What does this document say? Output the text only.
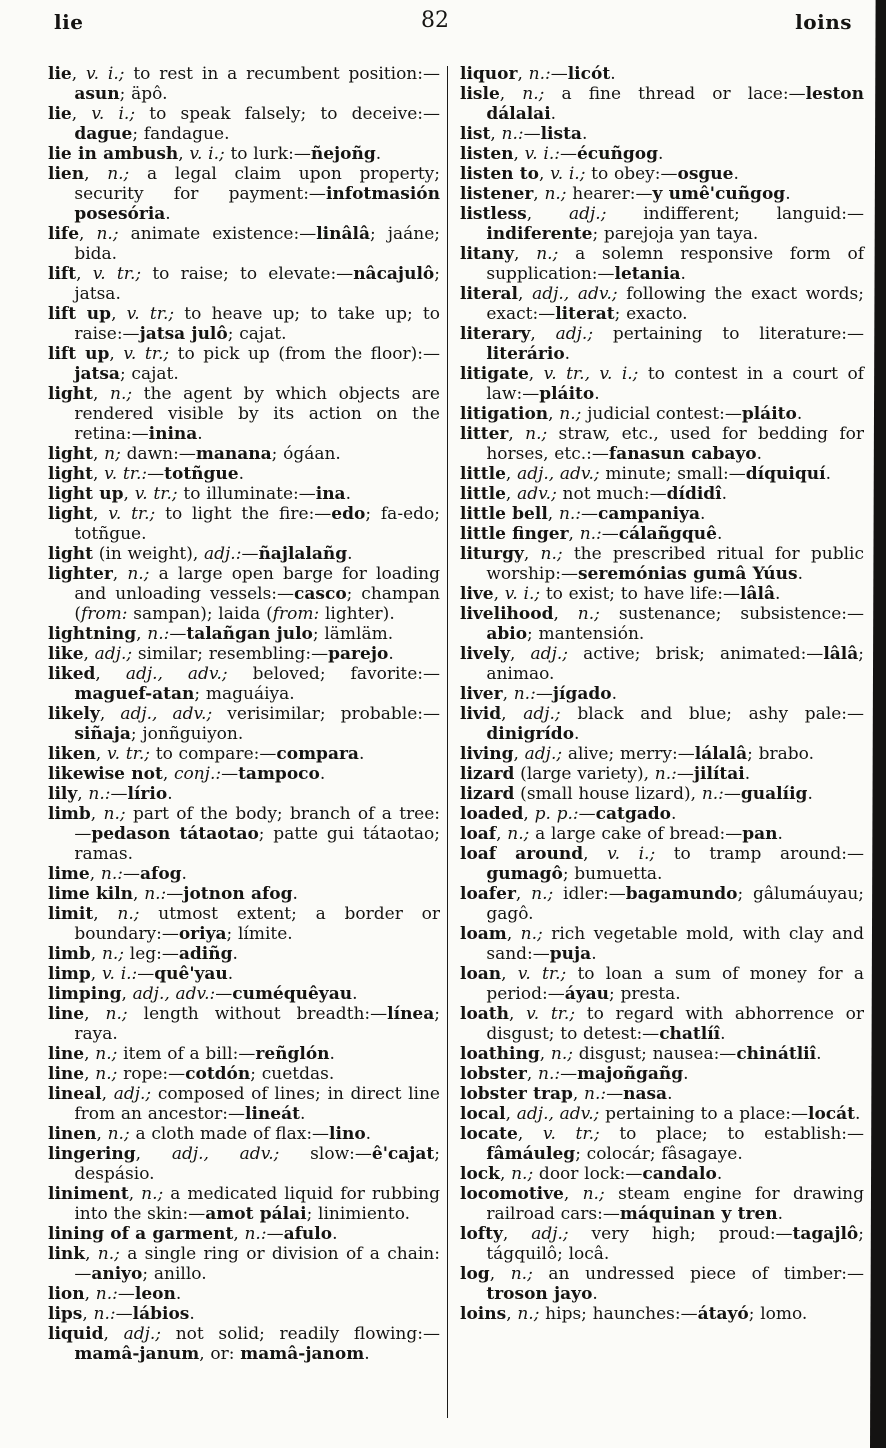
lie	82	loins
lie, v. i.; to rest in a recumbent position:—asun; äpô.
lie, v. i.; to speak falsely; to deceive:—dague; fandague.
lie in ambush, v. i.; to lurk:—ñejoñg.
lien, n.; a legal claim upon property; security for payment:—infotmasión posesória.
life, n.; animate existence:—linâlâ; jaáne; bida.
lift, v. tr.; to raise; to elevate:—nâcajulô; jatsa.
lift up, v. tr.; to heave up; to take up; to raise:—jatsa julô; cajat.
lift up, v. tr.; to pick up (from the floor):—jatsa; cajat.
light, n.; the agent by which objects are rendered visible by its action on the retina:—inina.
light, n; dawn:—manana; ógáan.
light, v. tr.:—totñgue.
light up, v. tr.; to illuminate:—ina.
light, v. tr.; to light the fire:—edo; fa-edo; totñgue.
light (in weight), adj.:—ñajlalañg.
lighter, n.; a large open barge for loading and unloading vessels:—casco; champan (from: sampan); laida (from: lighter).
lightning, n.:—talañgan julo; lämläm.
like, adj.; similar; resembling:—parejo.
liked, adj., adv.; beloved; favorite:—maguef-atan; maguáiya.
likely, adj., adv.; verisimilar; probable:—siñaja; jonñguiyon.
liken, v. tr.; to compare:—compara.
likewise not, conj.:—tampoco.
lily, n.:—lírio.
limb, n.; part of the body; branch of a tree:—pedason tátaotao; patte gui tátaotao; ramas.
lime, n.:—afog.
lime kiln, n.:—jotnon afog.
limit, n.; utmost extent; a border or boundary:—oriya; límite.
limb, n.; leg:—adiñg.
limp, v. i.:—quê'yau.
limping, adj., adv.:—cuméquêyau.
line, n.; length without breadth:—línea; raya.
line, n.; item of a bill:—reñglón.
line, n.; rope:—cotdón; cuetdas.
lineal, adj.; composed of lines; in direct line from an ancestor:—lineát.
linen, n.; a cloth made of flax:—lino.
lingering, adj., adv.; slow:—ê'cajat; despásio.
liniment, n.; a medicated liquid for rubbing into the skin:—amot pálai; linimiento.
lining of a garment, n.:—afulo.
link, n.; a single ring or division of a chain:—aniyo; anillo.
lion, n.:—leon.
lips, n.:—lábios.
liquid, adj.; not solid; readily flowing:—mamâ-janum, or: mamâ-janom.
liquor, n.:—licót.
lisle, n.; a fine thread or lace:—leston dálalai.
list, n.:—lista.
listen, v. i.:—écuñgog.
listen to, v. i.; to obey:—osgue.
listener, n.; hearer:—y umê'cuñgog.
listless, adj.; indifferent; languid:—indiferente; parejoja yan taya.
litany, n.; a solemn responsive form of supplication:—letania.
literal, adj., adv.; following the exact words; exact:—literat; exacto.
literary, adj.; pertaining to literature:—literário.
litigate, v. tr., v. i.; to contest in a court of law:—pláito.
litigation, n.; judicial contest:—pláito.
litter, n.; straw, etc., used for bedding for horses, etc.:—fanasun cabayo.
little, adj., adv.; minute; small:—díquiquí.
little, adv.; not much:—dídidî.
little bell, n.:—campaniya.
little finger, n.:—cálañgquê.
liturgy, n.; the prescribed ritual for public worship:—seremónias gumâ Yúus.
live, v. i.; to exist; to have life:—lâlâ.
livelihood, n.; sustenance; subsistence:—abio; mantensión.
lively, adj.; active; brisk; animated:—lâlâ; animao.
liver, n.:—jígado.
livid, adj.; black and blue; ashy pale:—dinigrído.
living, adj.; alive; merry:—lálalâ; brabo.
lizard (large variety), n.:—jilítai.
lizard (small house lizard), n.:—gualíig.
loaded, p. p.:—catgado.
loaf, n.; a large cake of bread:—pan.
loaf around, v. i.; to tramp around:—gumagô; bumuetta.
loafer, n.; idler:—bagamundo; gâlumáuyau; gagô.
loam, n.; rich vegetable mold, with clay and sand:—puja.
loan, v. tr.; to loan a sum of money for a period:—áyau; presta.
loath, v. tr.; to regard with abhorrence or disgust; to detest:—chatlíî.
loathing, n.; disgust; nausea:—chinátliî.
lobster, n.:—majoñgañg.
lobster trap, n.:—nasa.
local, adj., adv.; pertaining to a place:—locát.
locate, v. tr.; to place; to establish:—fâmáuleg; colocár; fâsagaye.
lock, n.; door lock:—candalo.
locomotive, n.; steam engine for drawing railroad cars:—máquinan y tren.
lofty, adj.; very high; proud:—tagajlô; tágquilô; locâ.
log, n.; an undressed piece of timber:—troson jayo.
loins, n.; hips; haunches:—átayó; lomo.
